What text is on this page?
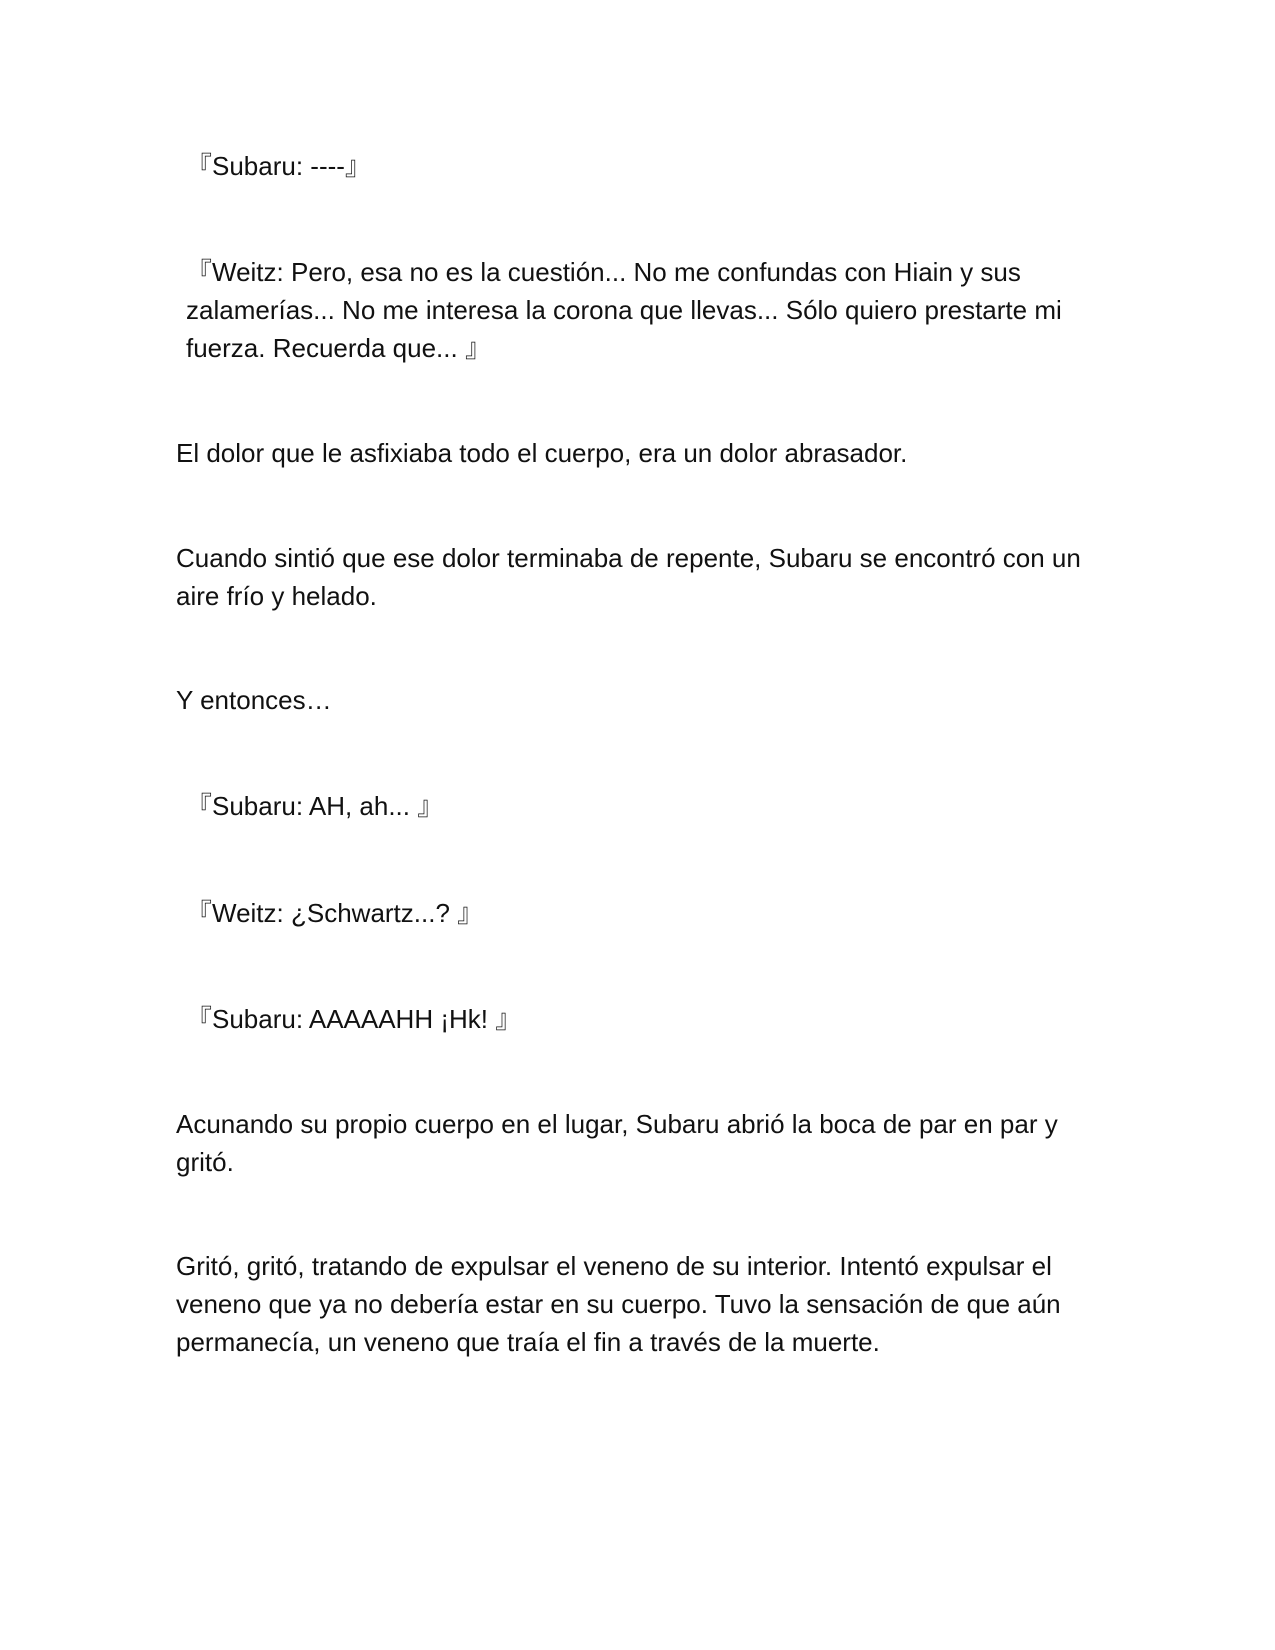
『Subaru: ----』

『Weitz: Pero, esa no es la cuestión... No me confundas con Hiain y sus zalamerías... No me interesa la corona que llevas... Sólo quiero prestarte mi fuerza. Recuerda que... 』

El dolor que le asfixiaba todo el cuerpo, era un dolor abrasador.

Cuando sintió que ese dolor terminaba de repente, Subaru se encontró con un aire frío y helado.

Y entonces…

『Subaru: AH, ah... 』

『Weitz: ¿Schwartz...? 』

『Subaru: AAAAAHH ¡Hk! 』

Acunando su propio cuerpo en el lugar, Subaru abrió la boca de par en par y gritó.

Gritó, gritó, tratando de expulsar el veneno de su interior. Intentó expulsar el veneno que ya no debería estar en su cuerpo. Tuvo la sensación de que aún permanecía, un veneno que traía el fin a través de la muerte.
